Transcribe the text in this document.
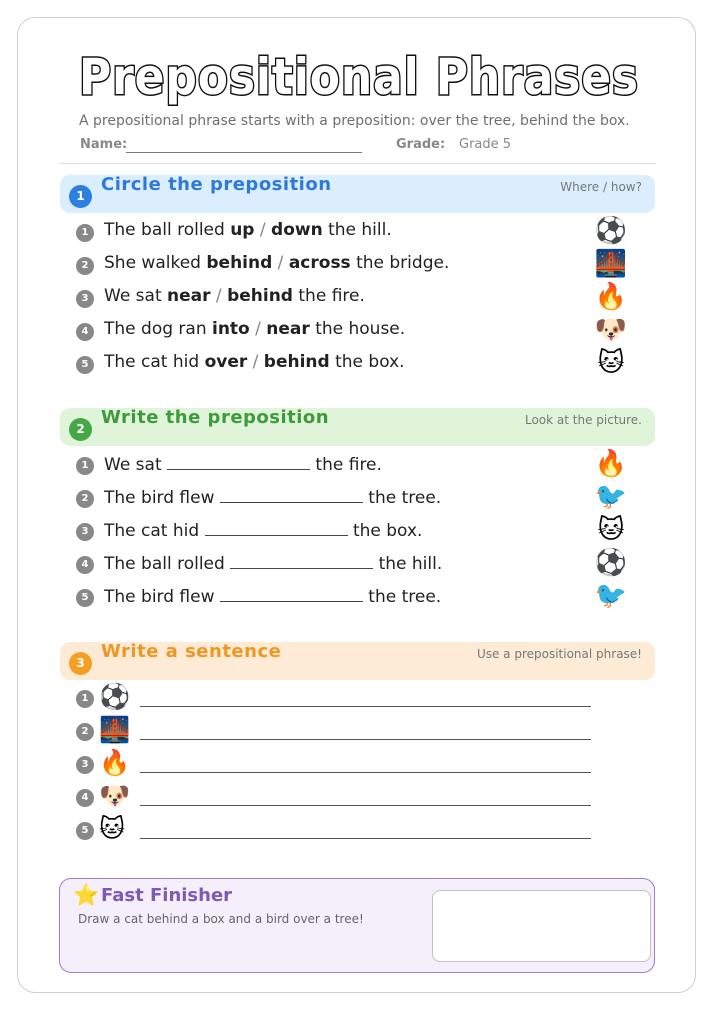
Prepositional Phrases
A prepositional phrase starts with a preposition: over the tree, behind the box.
Name:	Grade: Grade 5
1
Circle the preposition	Where / how?
1 The ball rolled up / down the hill.	⚽
2 She walked behind / across the bridge.	🌉
3 We sat near / behind the fire.	🔥
4 The dog ran into / near the house.	🐶
5 The cat hid over / behind the box.	🐱
2
Write the preposition	Look at the picture.
1 We sat	the fire.	🔥
2 The bird flew	the tree.	🐦
3 The cat hid	the box.	🐱
4 The ball rolled	the hill.	⚽
5 The bird flew	the tree.	🐦
3
Write a sentence	Use a prepositional phrase!
1 ⚽
2 🌉
3 🔥
4 🐶
5 🐱
⭐ Fast Finisher
Draw a cat behind a box and a bird over a tree!
